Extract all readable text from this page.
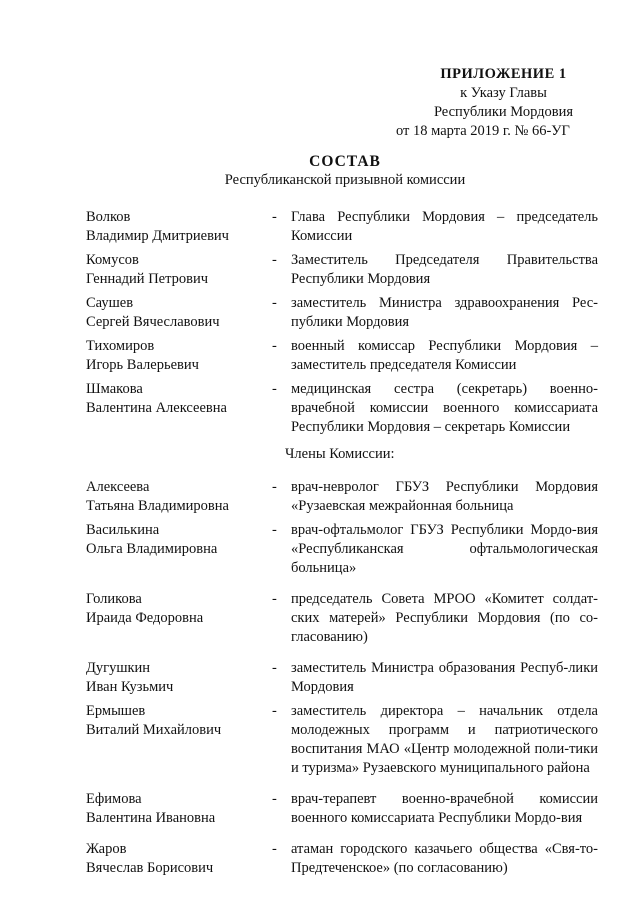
ПРИЛОЖЕНИЕ 1
к Указу Главы
Республики Мордовия
от 18 марта 2019 г. № 66-УГ
СОСТАВ
Республиканской призывной комиссии
Волков
Владимир Дмитриевич
- Глава Республики Мордовия – председатель Комиссии
Комусов
Геннадий Петрович
- Заместитель Председателя Правительства Республики Мордовия
Саушев
Сергей Вячеславович
- заместитель Министра здравоохранения Рес-публики Мордовия
Тихомиров
Игорь Валерьевич
- военный комиссар Республики Мордовия – заместитель председателя Комиссии
Шмакова
Валентина Алексеевна
- медицинская сестра (секретарь) военно-врачебной комиссии военного комиссариата Республики Мордовия – секретарь Комиссии
Члены Комиссии:
Алексеева
Татьяна Владимировна
- врач-невролог ГБУЗ Республики Мордовия «Рузаевская межрайонная больница
Василькина
Ольга Владимировна
- врач-офтальмолог ГБУЗ Республики Мордо-вия «Республиканская офтальмологическая больница»
Голикова
Ираида Федоровна
- председатель Совета МРОО «Комитет солдат-ских матерей» Республики Мордовия (по со-гласованию)
Дугушкин
Иван Кузьмич
- заместитель Министра образования Респуб-лики Мордовия
Ермышев
Виталий Михайлович
- заместитель директора – начальник отдела молодежных программ и патриотического воспитания МАО «Центр молодежной поли-тики и туризма» Рузаевского муниципального района
Ефимова
Валентина Ивановна
- врач-терапевт военно-врачебной комиссии военного комиссариата Республики Мордо-вия
Жаров
Вячеслав Борисович
- атаман городского казачьего общества «Свя-то-Предтеченское» (по согласованию)
